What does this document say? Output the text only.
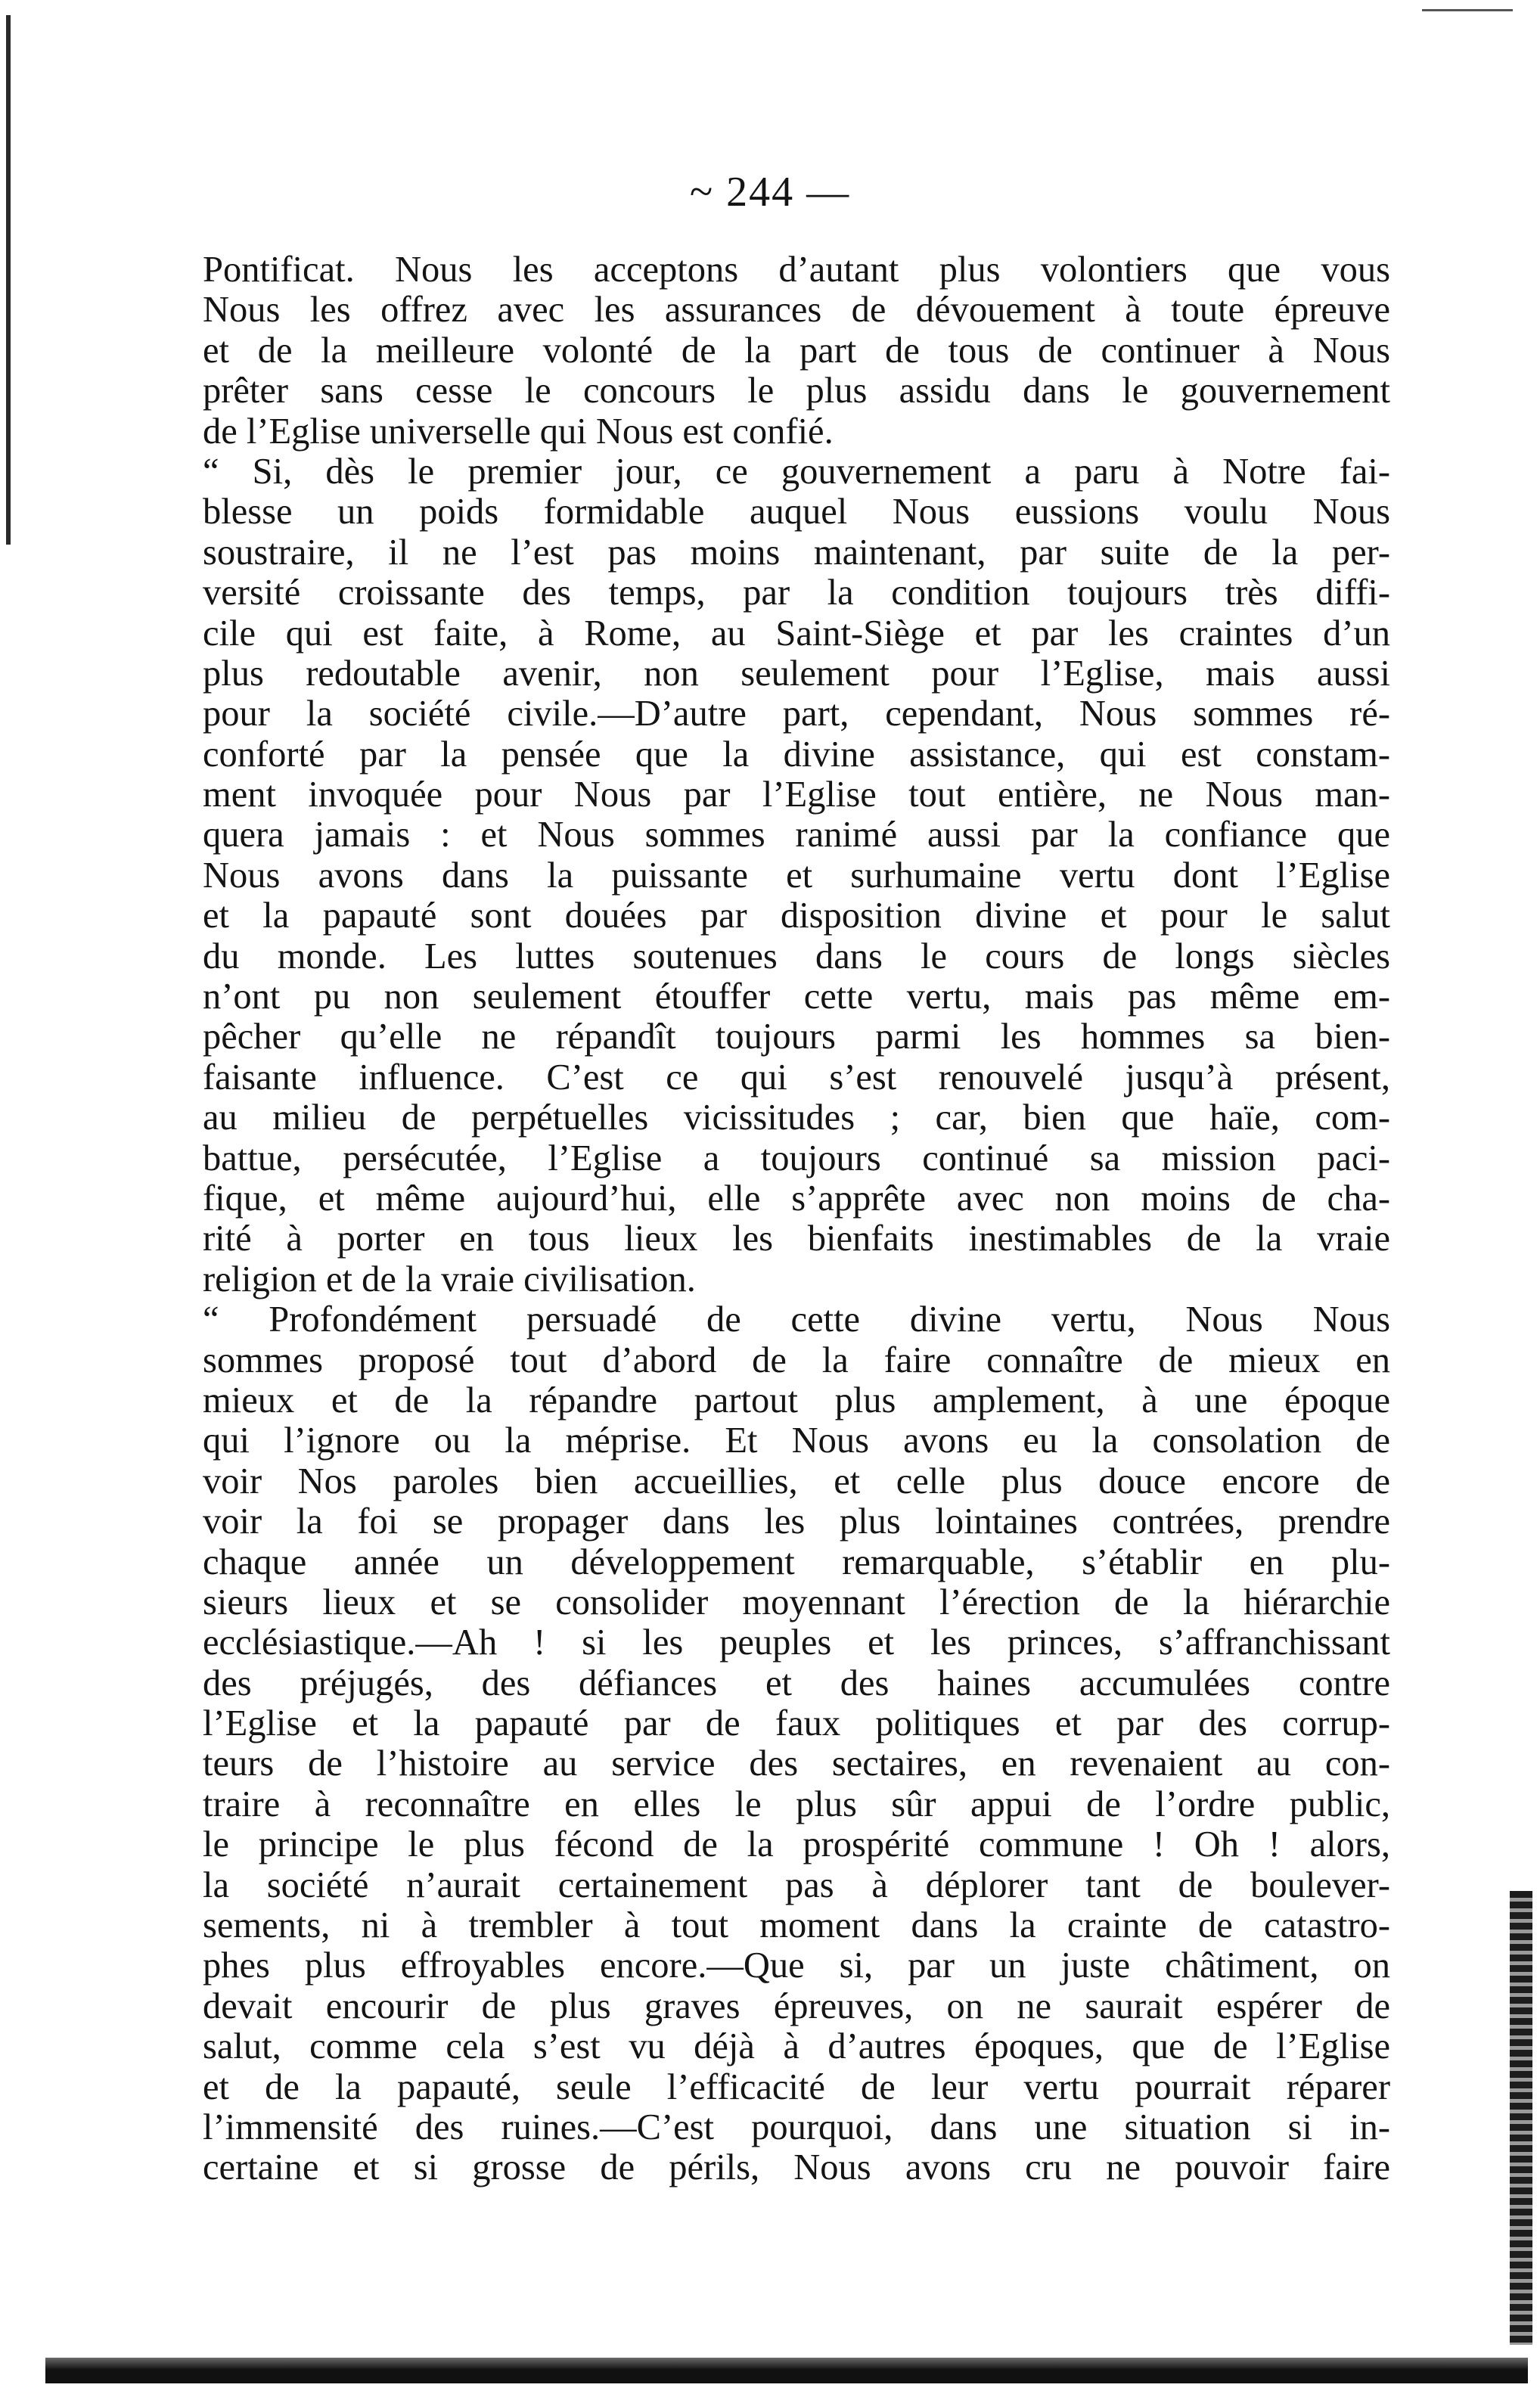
~ 244 —
Pontificat. Nous les acceptons d’autant plus volontiers que vous
Nous les offrez avec les assurances de dévouement à toute épreuve
et de la meilleure volonté de la part de tous de continuer à Nous
prêter sans cesse le concours le plus assidu dans le gouvernement
de l’Eglise universelle qui Nous est confié.
“ Si, dès le premier jour, ce gouvernement a paru à Notre fai-
blesse un poids formidable auquel Nous eussions voulu Nous
soustraire, il ne l’est pas moins maintenant, par suite de la per-
versité croissante des temps, par la condition toujours très diffi-
cile qui est faite, à Rome, au Saint-Siège et par les craintes d’un
plus redoutable avenir, non seulement pour l’Eglise, mais aussi
pour la société civile.—D’autre part, cependant, Nous sommes ré-
conforté par la pensée que la divine assistance, qui est constam-
ment invoquée pour Nous par l’Eglise tout entière, ne Nous man-
quera jamais : et Nous sommes ranimé aussi par la confiance que
Nous avons dans la puissante et surhumaine vertu dont l’Eglise
et la papauté sont douées par disposition divine et pour le salut
du monde. Les luttes soutenues dans le cours de longs siècles
n’ont pu non seulement étouffer cette vertu, mais pas même em-
pêcher qu’elle ne répandît toujours parmi les hommes sa bien-
faisante influence. C’est ce qui s’est renouvelé jusqu’à présent,
au milieu de perpétuelles vicissitudes ; car, bien que haïe, com-
battue, persécutée, l’Eglise a toujours continué sa mission paci-
fique, et même aujourd’hui, elle s’apprête avec non moins de cha-
rité à porter en tous lieux les bienfaits inestimables de la vraie
religion et de la vraie civilisation.
“ Profondément persuadé de cette divine vertu, Nous Nous
sommes proposé tout d’abord de la faire connaître de mieux en
mieux et de la répandre partout plus amplement, à une époque
qui l’ignore ou la méprise. Et Nous avons eu la consolation de
voir Nos paroles bien accueillies, et celle plus douce encore de
voir la foi se propager dans les plus lointaines contrées, prendre
chaque année un développement remarquable, s’établir en plu-
sieurs lieux et se consolider moyennant l’érection de la hiérarchie
ecclésiastique.—Ah ! si les peuples et les princes, s’affranchissant
des préjugés, des défiances et des haines accumulées contre
l’Eglise et la papauté par de faux politiques et par des corrup-
teurs de l’histoire au service des sectaires, en revenaient au con-
traire à reconnaître en elles le plus sûr appui de l’ordre public,
le principe le plus fécond de la prospérité commune ! Oh ! alors,
la société n’aurait certainement pas à déplorer tant de boulever-
sements, ni à trembler à tout moment dans la crainte de catastro-
phes plus effroyables encore.—Que si, par un juste châtiment, on
devait encourir de plus graves épreuves, on ne saurait espérer de
salut, comme cela s’est vu déjà à d’autres époques, que de l’Eglise
et de la papauté, seule l’efficacité de leur vertu pourrait réparer
l’immensité des ruines.—C’est pourquoi, dans une situation si in-
certaine et si grosse de périls, Nous avons cru ne pouvoir faire
